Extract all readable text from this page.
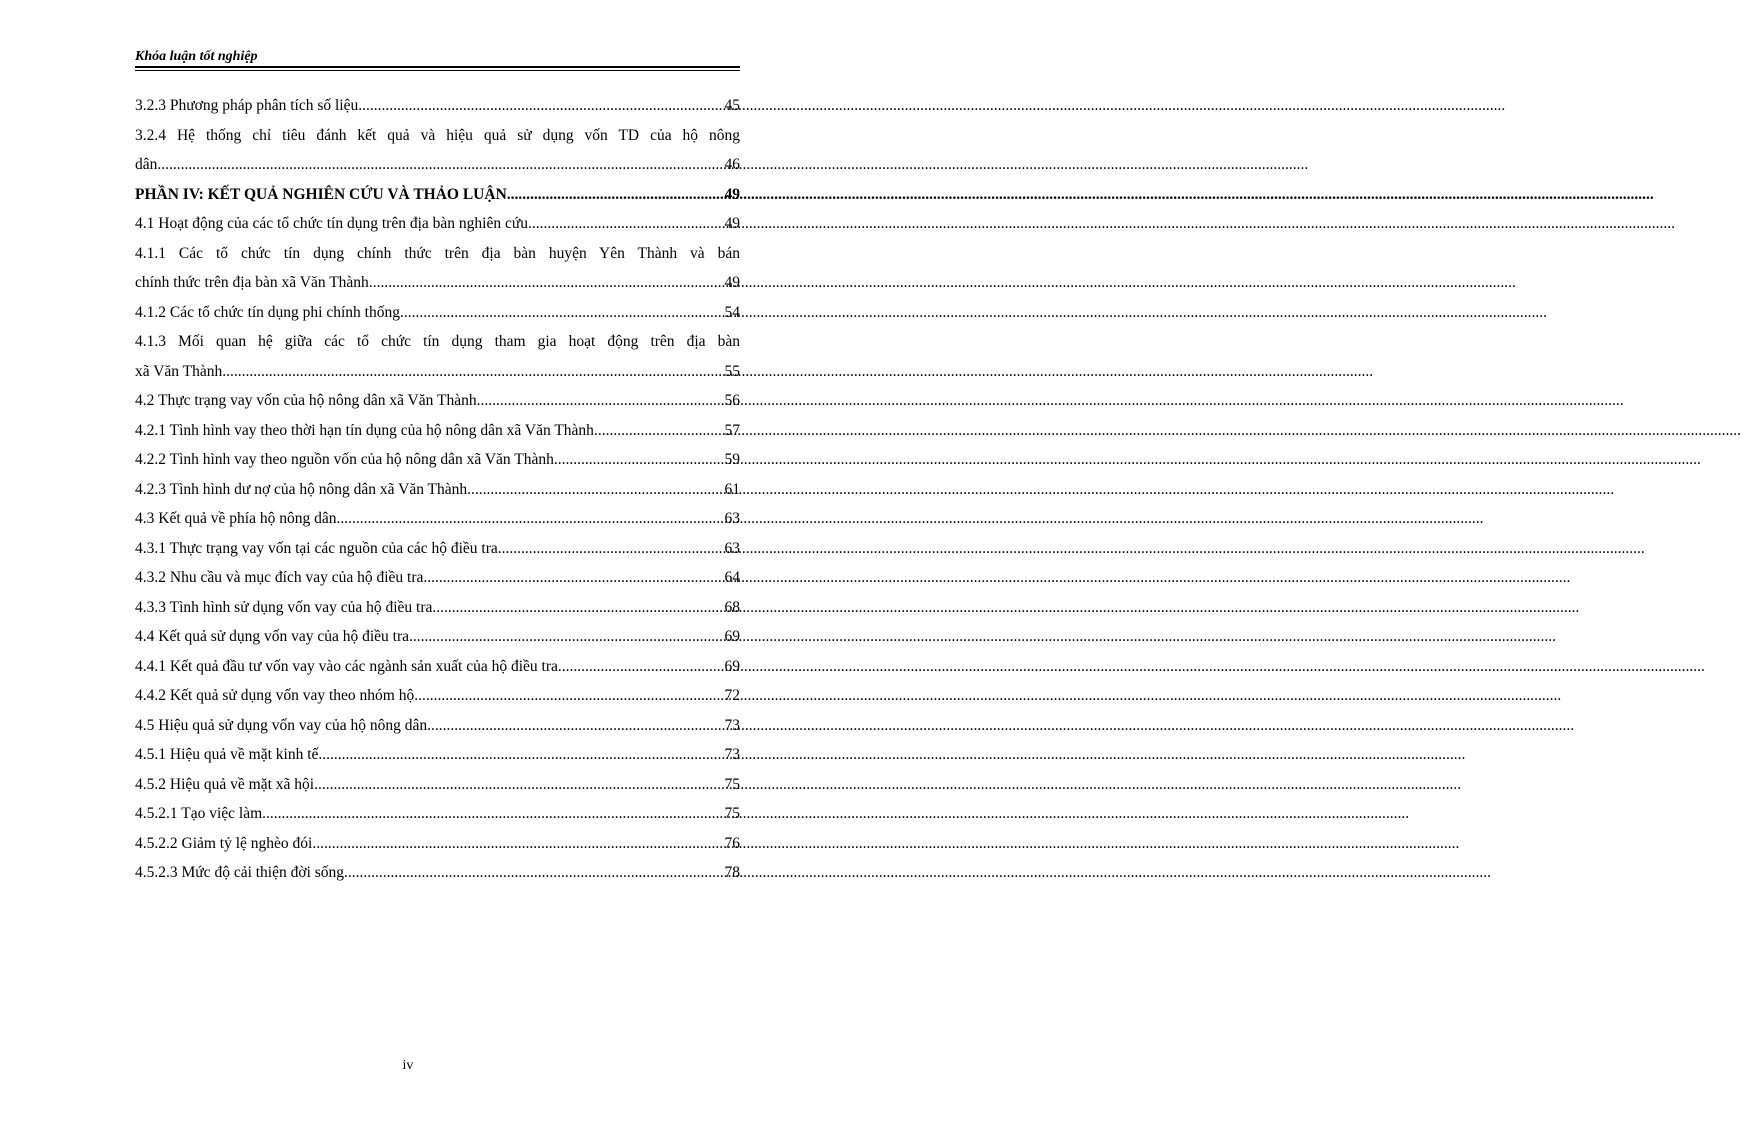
Khóa luận tốt nghiệp
3.2.3 Phương pháp phân tích số liệu .....	45
3.2.4 Hệ thống chỉ tiêu đánh kết quả và hiệu quả sử dụng vốn TD của hộ nông
dân. .....	46
PHẦN IV: KẾT QUẢ NGHIÊN CỨU VÀ THẢO LUẬN .....	49
4.1 Hoạt động của các tổ chức tín dụng trên địa bàn nghiên cứu .....	49
4.1.1 Các tổ chức tín dụng chính thức trên địa bàn huyện Yên Thành và bán
chính thức trên địa bàn xã Văn Thành .....	49
4.1.2 Các tổ chức tín dụng phi chính thống .....	54
4.1.3 Mối quan hệ giữa các tổ chức tín dụng tham gia hoạt động trên địa bàn
xã Văn Thành. .....	55
4.2 Thực trạng vay vốn của hộ nông dân xã Văn Thành .....	56
4.2.1 Tình hình vay theo thời hạn tín dụng của hộ nông dân xã Văn Thành .....	57
4.2.2 Tình hình vay theo nguồn vốn của hộ nông dân xã Văn Thành .....	59
4.2.3 Tình hình dư nợ của hộ nông dân xã Văn Thành .....	61
4.3 Kết quả về phía hộ nông dân .....	63
4.3.1 Thực trạng vay vốn tại các nguồn của các hộ điều tra .....	63
4.3.2 Nhu cầu và mục đích vay của hộ điều tra .....	64
4.3.3 Tình hình sử dụng vốn vay của hộ điều tra .....	68
4.4 Kết quả sử dụng vốn vay của hộ điều tra .....	69
4.4.1 Kết quả đầu tư vốn vay vào các ngành sản xuất của hộ điều tra .....	69
4.4.2 Kết quả sử dụng vốn vay theo nhóm hộ .....	72
4.5 Hiệu quả sử dụng vốn vay của hộ nông dân .....	73
4.5.1 Hiệu quả về mặt kinh tế .....	73
4.5.2 Hiệu quả về mặt xã hội .....	75
4.5.2.1 Tạo việc làm .....	75
4.5.2.2 Giảm tỷ lệ nghèo đói .....	76
4.5.2.3 Mức độ cải thiện đời sống .....	78
iv
